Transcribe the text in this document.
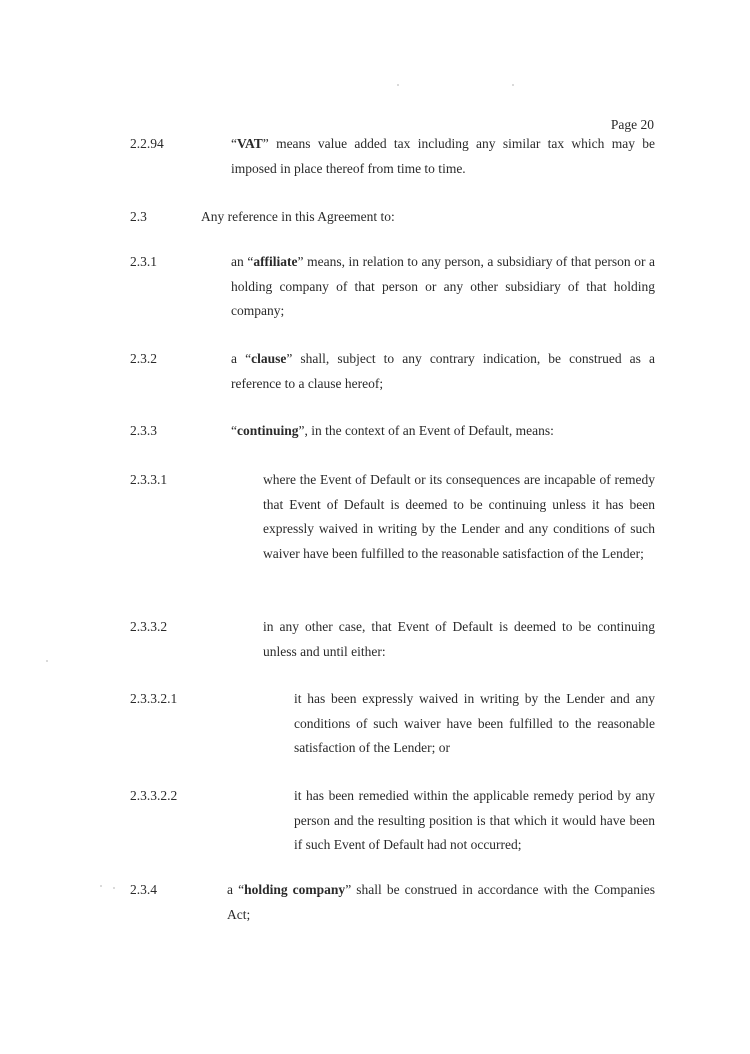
Page 20
2.2.94	“VAT” means value added tax including any similar tax which may be imposed in place thereof from time to time.
2.3	Any reference in this Agreement to:
2.3.1	an “affiliate” means, in relation to any person, a subsidiary of that person or a holding company of that person or any other subsidiary of that holding company;
2.3.2	a “clause” shall, subject to any contrary indication, be construed as a reference to a clause hereof;
2.3.3	“continuing”, in the context of an Event of Default, means:
2.3.3.1	where the Event of Default or its consequences are incapable of remedy that Event of Default is deemed to be continuing unless it has been expressly waived in writing by the Lender and any conditions of such waiver have been fulfilled to the reasonable satisfaction of the Lender;
2.3.3.2	in any other case, that Event of Default is deemed to be continuing unless and until either:
2.3.3.2.1	it has been expressly waived in writing by the Lender and any conditions of such waiver have been fulfilled to the reasonable satisfaction of the Lender; or
2.3.3.2.2	it has been remedied within the applicable remedy period by any person and the resulting position is that which it would have been if such Event of Default had not occurred;
2.3.4	a “holding company” shall be construed in accordance with the Companies Act;
